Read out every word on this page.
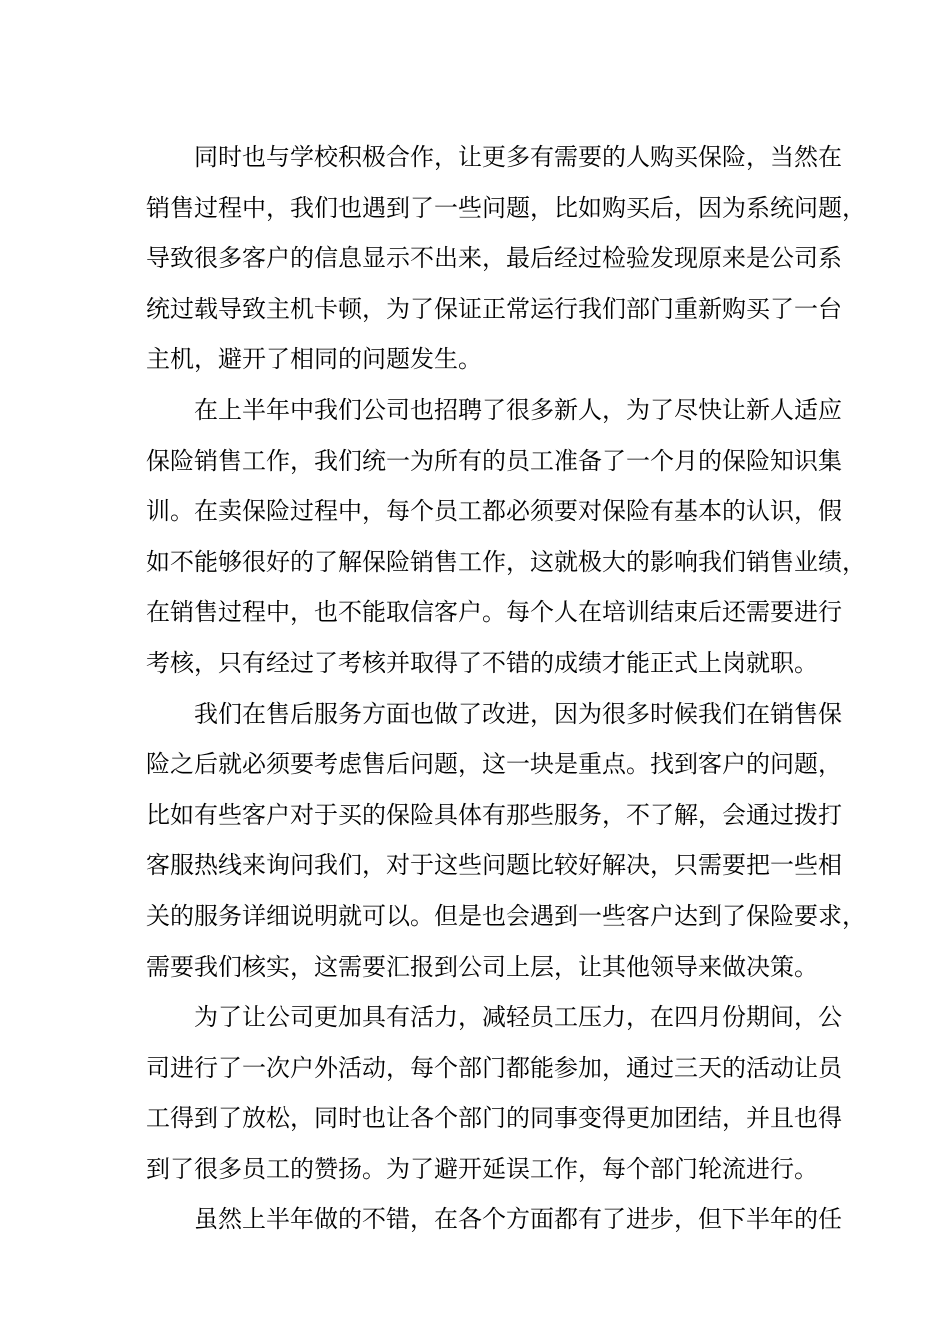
同时也与学校积极合作，让更多有需要的人购买保险，当然在
销售过程中，我们也遇到了一些问题，比如购买后，因为系统问题，
导致很多客户的信息显示不出来，最后经过检验发现原来是公司系
统过载导致主机卡顿，为了保证正常运行我们部门重新购买了一台
主机，避开了相同的问题发生。
在上半年中我们公司也招聘了很多新人，为了尽快让新人适应
保险销售工作，我们统一为所有的员工准备了一个月的保险知识集
训。在卖保险过程中，每个员工都必须要对保险有基本的认识，假
如不能够很好的了解保险销售工作，这就极大的影响我们销售业绩，
在销售过程中，也不能取信客户。每个人在培训结束后还需要进行
考核，只有经过了考核并取得了不错的成绩才能正式上岗就职。
我们在售后服务方面也做了改进，因为很多时候我们在销售保
险之后就必须要考虑售后问题，这一块是重点。找到客户的问题，
比如有些客户对于买的保险具体有那些服务，不了解，会通过拨打
客服热线来询问我们，对于这些问题比较好解决，只需要把一些相
关的服务详细说明就可以。但是也会遇到一些客户达到了保险要求，
需要我们核实，这需要汇报到公司上层，让其他领导来做决策。
为了让公司更加具有活力，减轻员工压力，在四月份期间，公
司进行了一次户外活动，每个部门都能参加，通过三天的活动让员
工得到了放松，同时也让各个部门的同事变得更加团结，并且也得
到了很多员工的赞扬。为了避开延误工作，每个部门轮流进行。
虽然上半年做的不错，在各个方面都有了进步，但下半年的任
